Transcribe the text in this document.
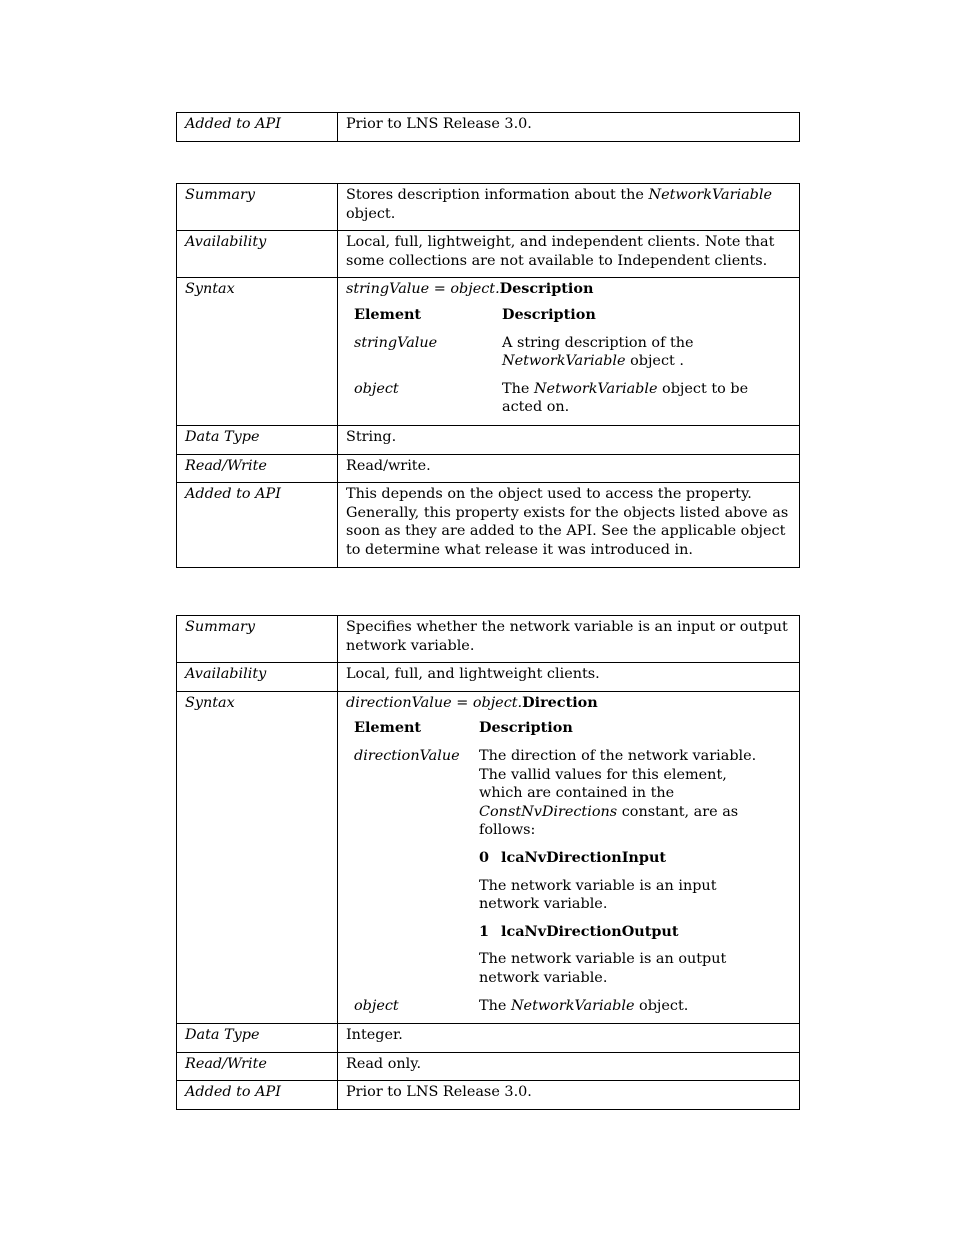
Added to API	Prior to LNS Release 3.0.
Summary	Stores description information about the NetworkVariable object.
Availability	Local, full, lightweight, and independent clients. Note that some collections are not available to Independent clients.
Syntax	stringValue = object.Description
Element	Description
stringValue	A string description of the NetworkVariable object .
object	The NetworkVariable object to be acted on.

Data Type	String.
Read/Write	Read/write.
Added to API	This depends on the object used to access the property. Generally, this property exists for the objects listed above as soon as they are added to the API. See the applicable object to determine what release it was introduced in.
Summary	Specifies whether the network variable is an input or output network variable.
Availability	Local, full, and lightweight clients.
Syntax	directionValue = object.Direction
Element	Description
directionValue	The direction of the network variable. The vallid values for this element, which are contained in the ConstNvDirections constant, are as follows:
0 lcaNvDirectionInput
The network variable is an input network variable.
1 lcaNvDirectionOutput
The network variable is an output network variable.

object	The NetworkVariable object.

Data Type	Integer.
Read/Write	Read only.
Added to API	Prior to LNS Release 3.0.
